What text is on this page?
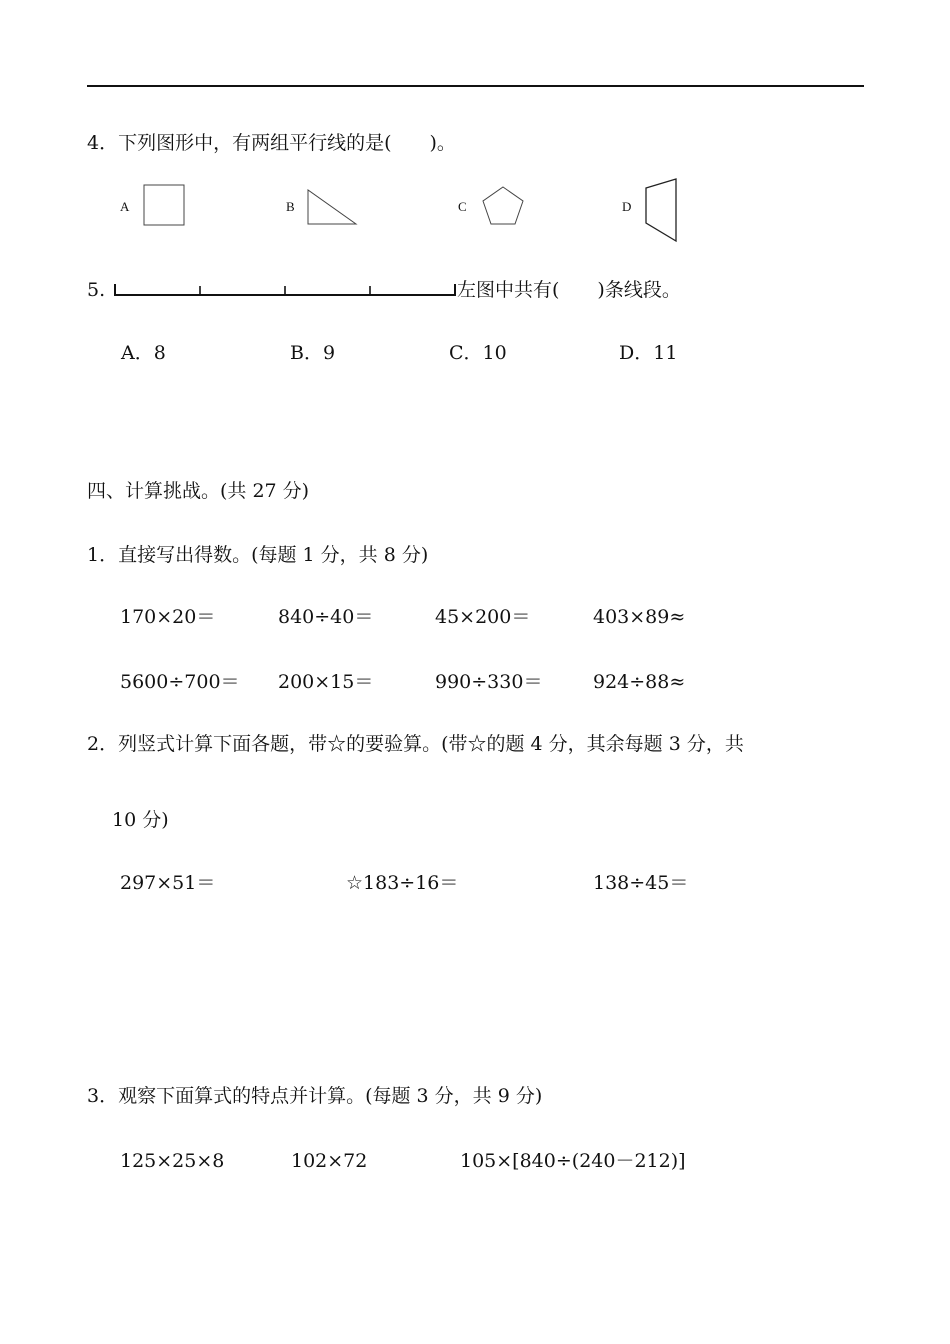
4．下列图形中，有两组平行线的是(　　)。
A	B	C	D
5.	左图中共有(　　)条线段。
A．8	B．9	C．10	D．11
四、计算挑战。(共 27 分)
1．直接写出得数。(每题 1 分，共 8 分)
170×20＝	840÷40＝	45×200＝	403×89≈
5600÷700＝ 200×15＝	990÷330＝	924÷88≈
2．列竖式计算下面各题，带☆的要验算。(带☆的题 4 分，其余每题 3 分，共
10 分)
297×51＝	☆183÷16＝	138÷45＝
3．观察下面算式的特点并计算。(每题 3 分，共 9 分)
125×25×8	102×72	105×[840÷(240－212)]
